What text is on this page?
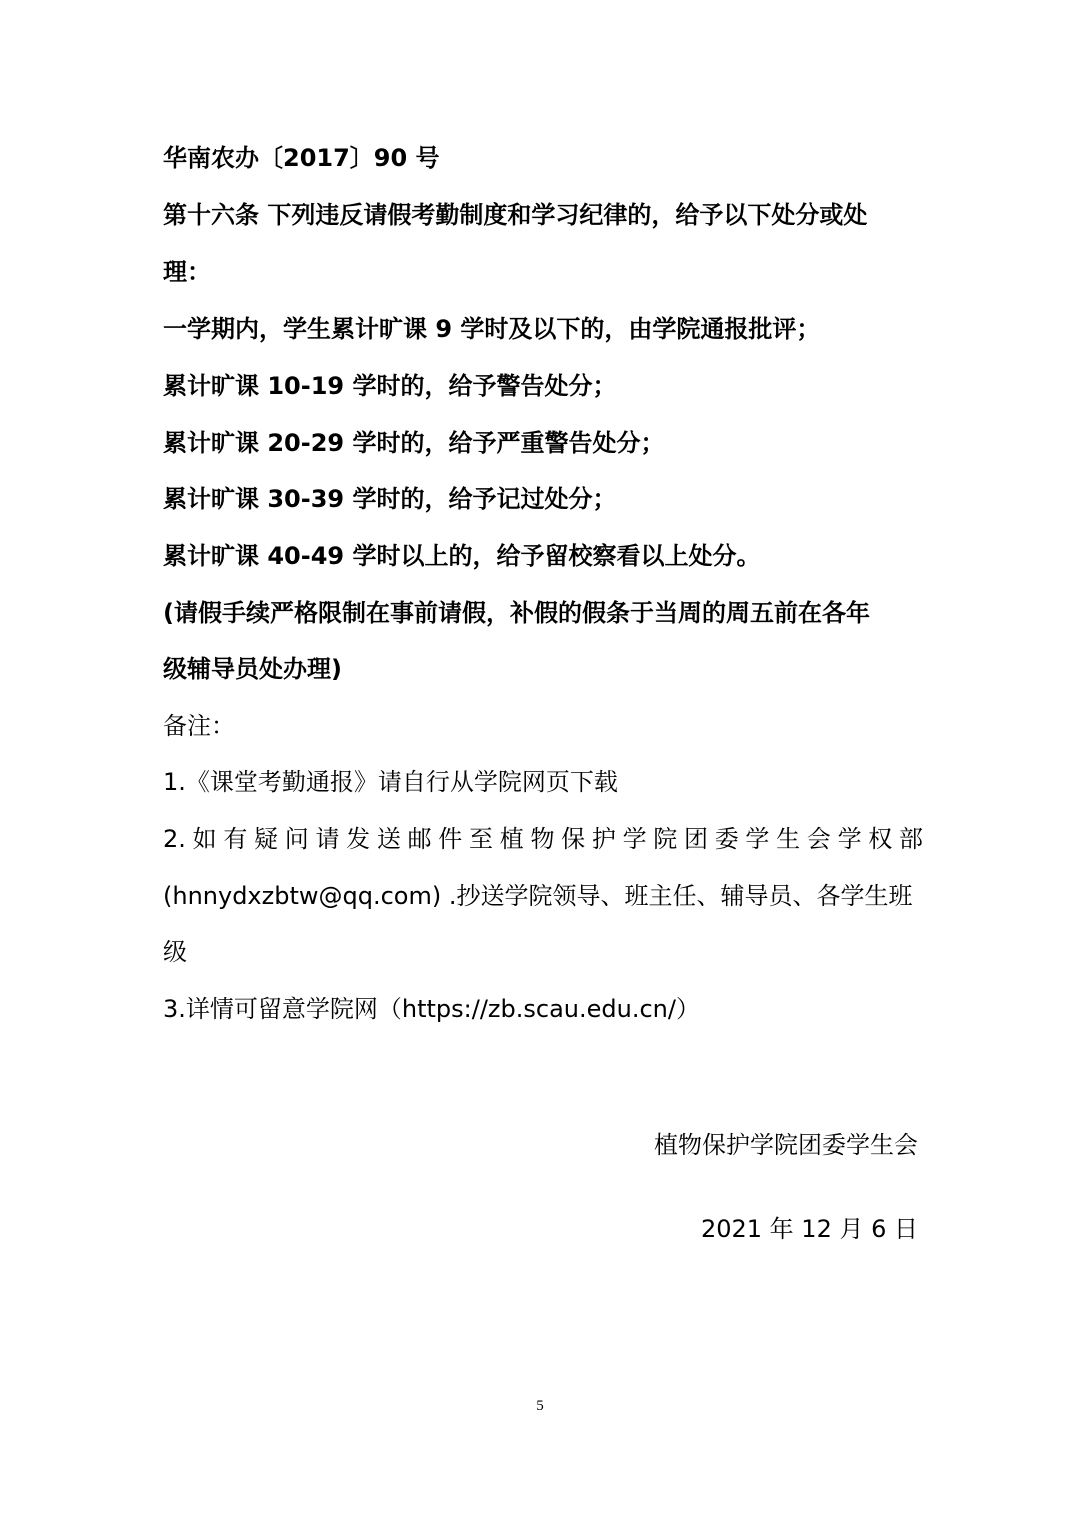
华南农办〔2017〕90 号
第十六条 下列违反请假考勤制度和学习纪律的，给予以下处分或处
理：
一学期内，学生累计旷课 9 学时及以下的，由学院通报批评；
累计旷课 10-19 学时的，给予警告处分；
累计旷课 20-29 学时的，给予严重警告处分；
累计旷课 30-39 学时的，给予记过处分；
累计旷课 40-49 学时以上的，给予留校察看以上处分。
(请假手续严格限制在事前请假，补假的假条于当周的周五前在各年
级辅导员处办理)
备注：
1.《课堂考勤通报》请自行从学院网页下载
2.如有疑问请发送邮件至植物保护学院团委学生会学权部
(hnnydxzbtw@qq.com) .抄送学院领导、班主任、辅导员、各学生班
级
3.详情可留意学院网（https://zb.scau.edu.cn/）
植物保护学院团委学生会
2021 年 12 月 6 日
5
